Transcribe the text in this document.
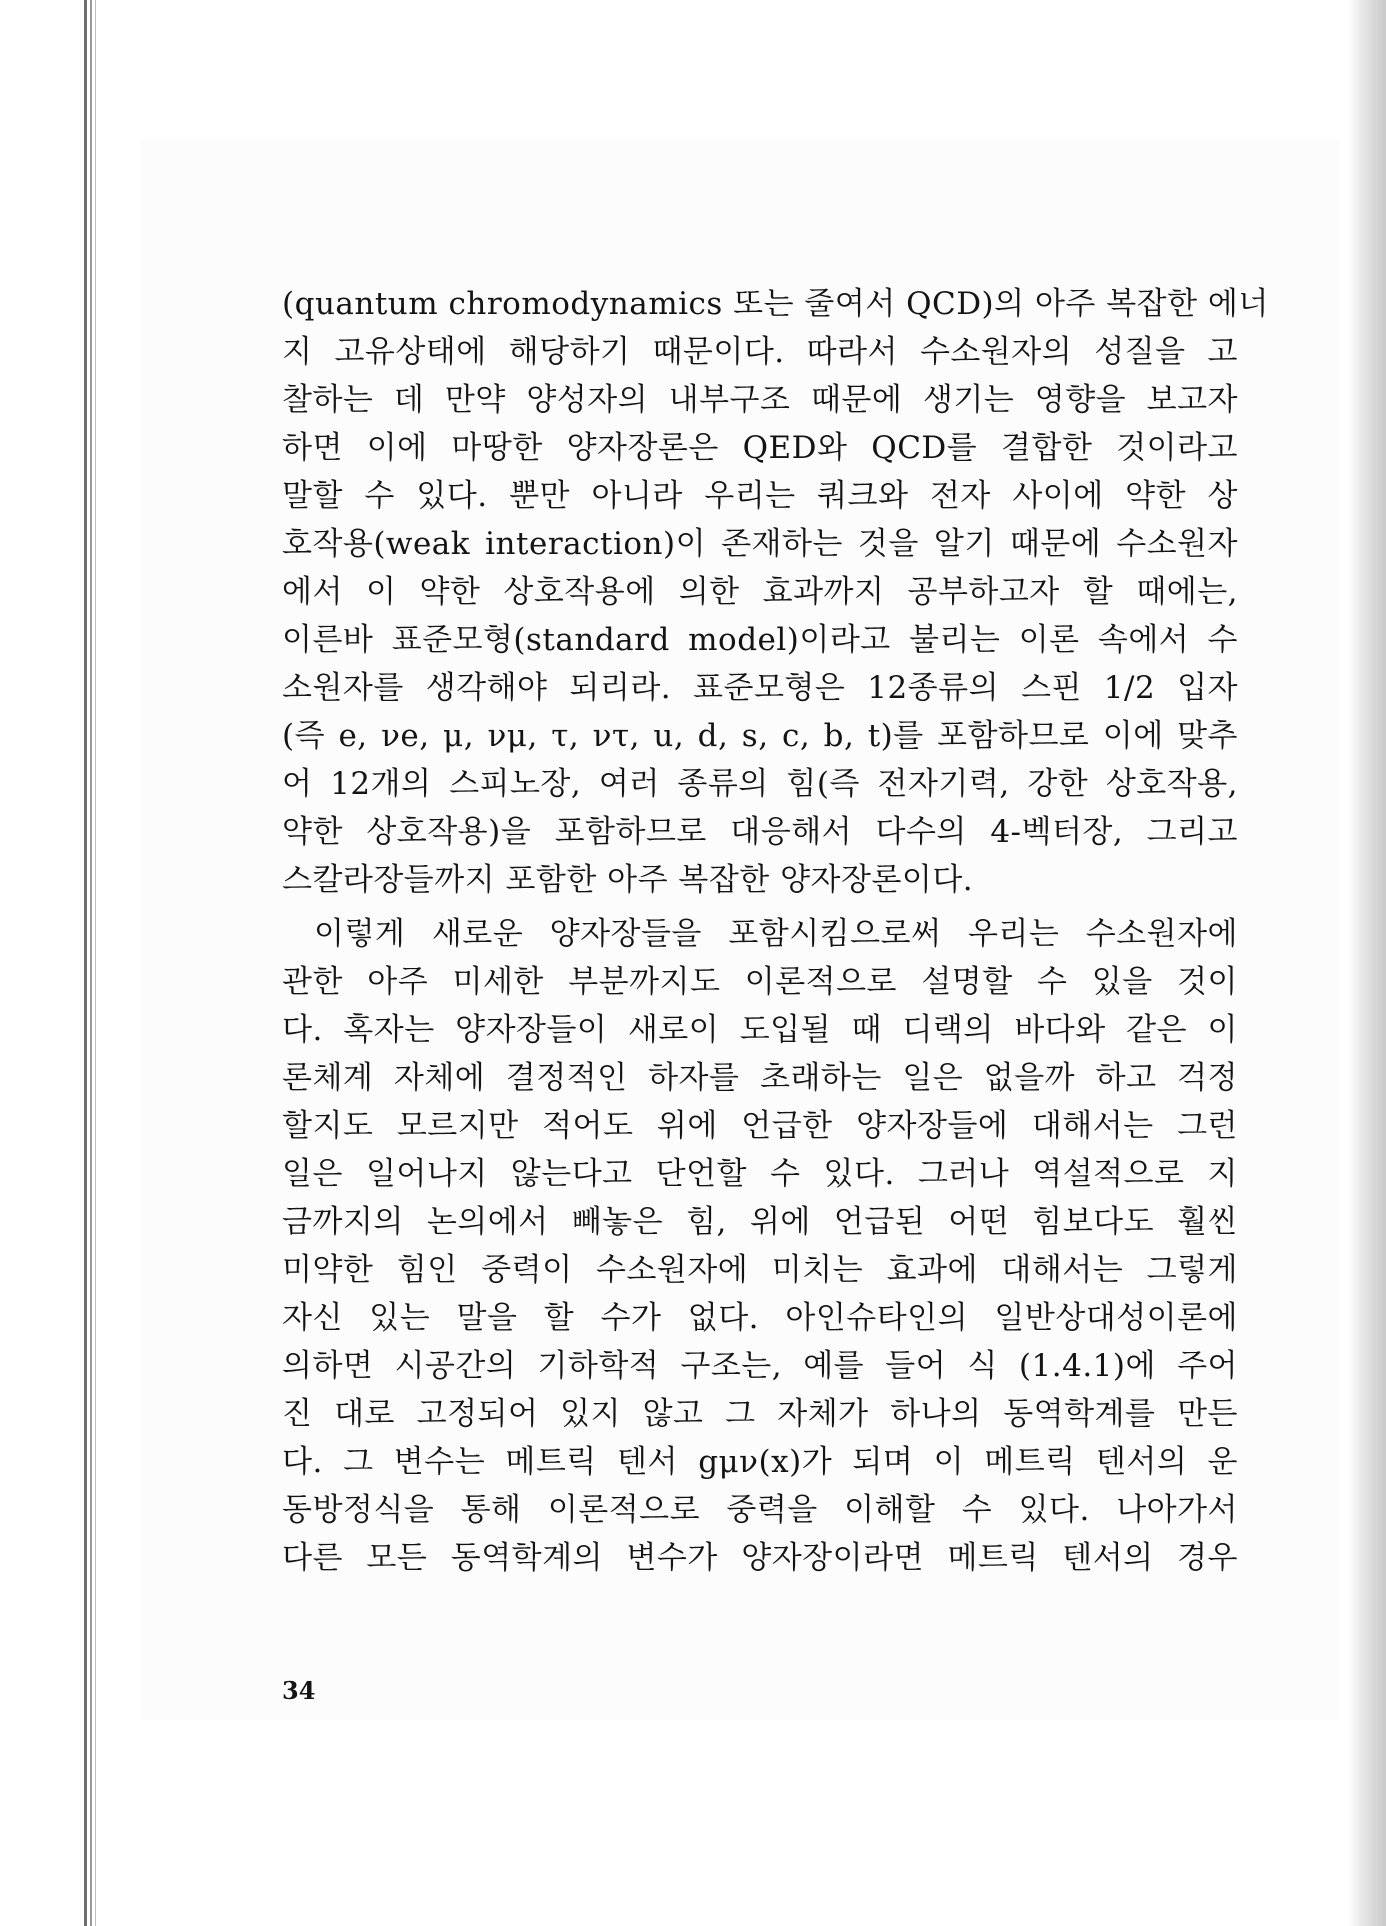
(quantum chromodynamics 또는 줄여서 QCD)의 아주 복잡한 에너
지 고유상태에 해당하기 때문이다. 따라서 수소원자의 성질을 고
찰하는 데 만약 양성자의 내부구조 때문에 생기는 영향을 보고자
하면 이에 마땅한 양자장론은 QED와 QCD를 결합한 것이라고
말할 수 있다. 뿐만 아니라 우리는 쿼크와 전자 사이에 약한 상
호작용(weak interaction)이 존재하는 것을 알기 때문에 수소원자
에서 이 약한 상호작용에 의한 효과까지 공부하고자 할 때에는,
이른바 표준모형(standard model)이라고 불리는 이론 속에서 수
소원자를 생각해야 되리라. 표준모형은 12종류의 스핀 1/2 입자
(즉 e, νe, μ, νμ, τ, ντ, u, d, s, c, b, t)를 포함하므로 이에 맞추
어 12개의 스피노장, 여러 종류의 힘(즉 전자기력, 강한 상호작용,
약한 상호작용)을 포함하므로 대응해서 다수의 4-벡터장, 그리고
스칼라장들까지 포함한 아주 복잡한 양자장론이다.
이렇게 새로운 양자장들을 포함시킴으로써 우리는 수소원자에
관한 아주 미세한 부분까지도 이론적으로 설명할 수 있을 것이
다. 혹자는 양자장들이 새로이 도입될 때 디랙의 바다와 같은 이
론체계 자체에 결정적인 하자를 초래하는 일은 없을까 하고 걱정
할지도 모르지만 적어도 위에 언급한 양자장들에 대해서는 그런
일은 일어나지 않는다고 단언할 수 있다. 그러나 역설적으로 지
금까지의 논의에서 빼놓은 힘, 위에 언급된 어떤 힘보다도 훨씬
미약한 힘인 중력이 수소원자에 미치는 효과에 대해서는 그렇게
자신 있는 말을 할 수가 없다. 아인슈타인의 일반상대성이론에
의하면 시공간의 기하학적 구조는, 예를 들어 식 (1.4.1)에 주어
진 대로 고정되어 있지 않고 그 자체가 하나의 동역학계를 만든
다. 그 변수는 메트릭 텐서 gμν(x)가 되며 이 메트릭 텐서의 운
동방정식을 통해 이론적으로 중력을 이해할 수 있다. 나아가서
다른 모든 동역학계의 변수가 양자장이라면 메트릭 텐서의 경우
34
